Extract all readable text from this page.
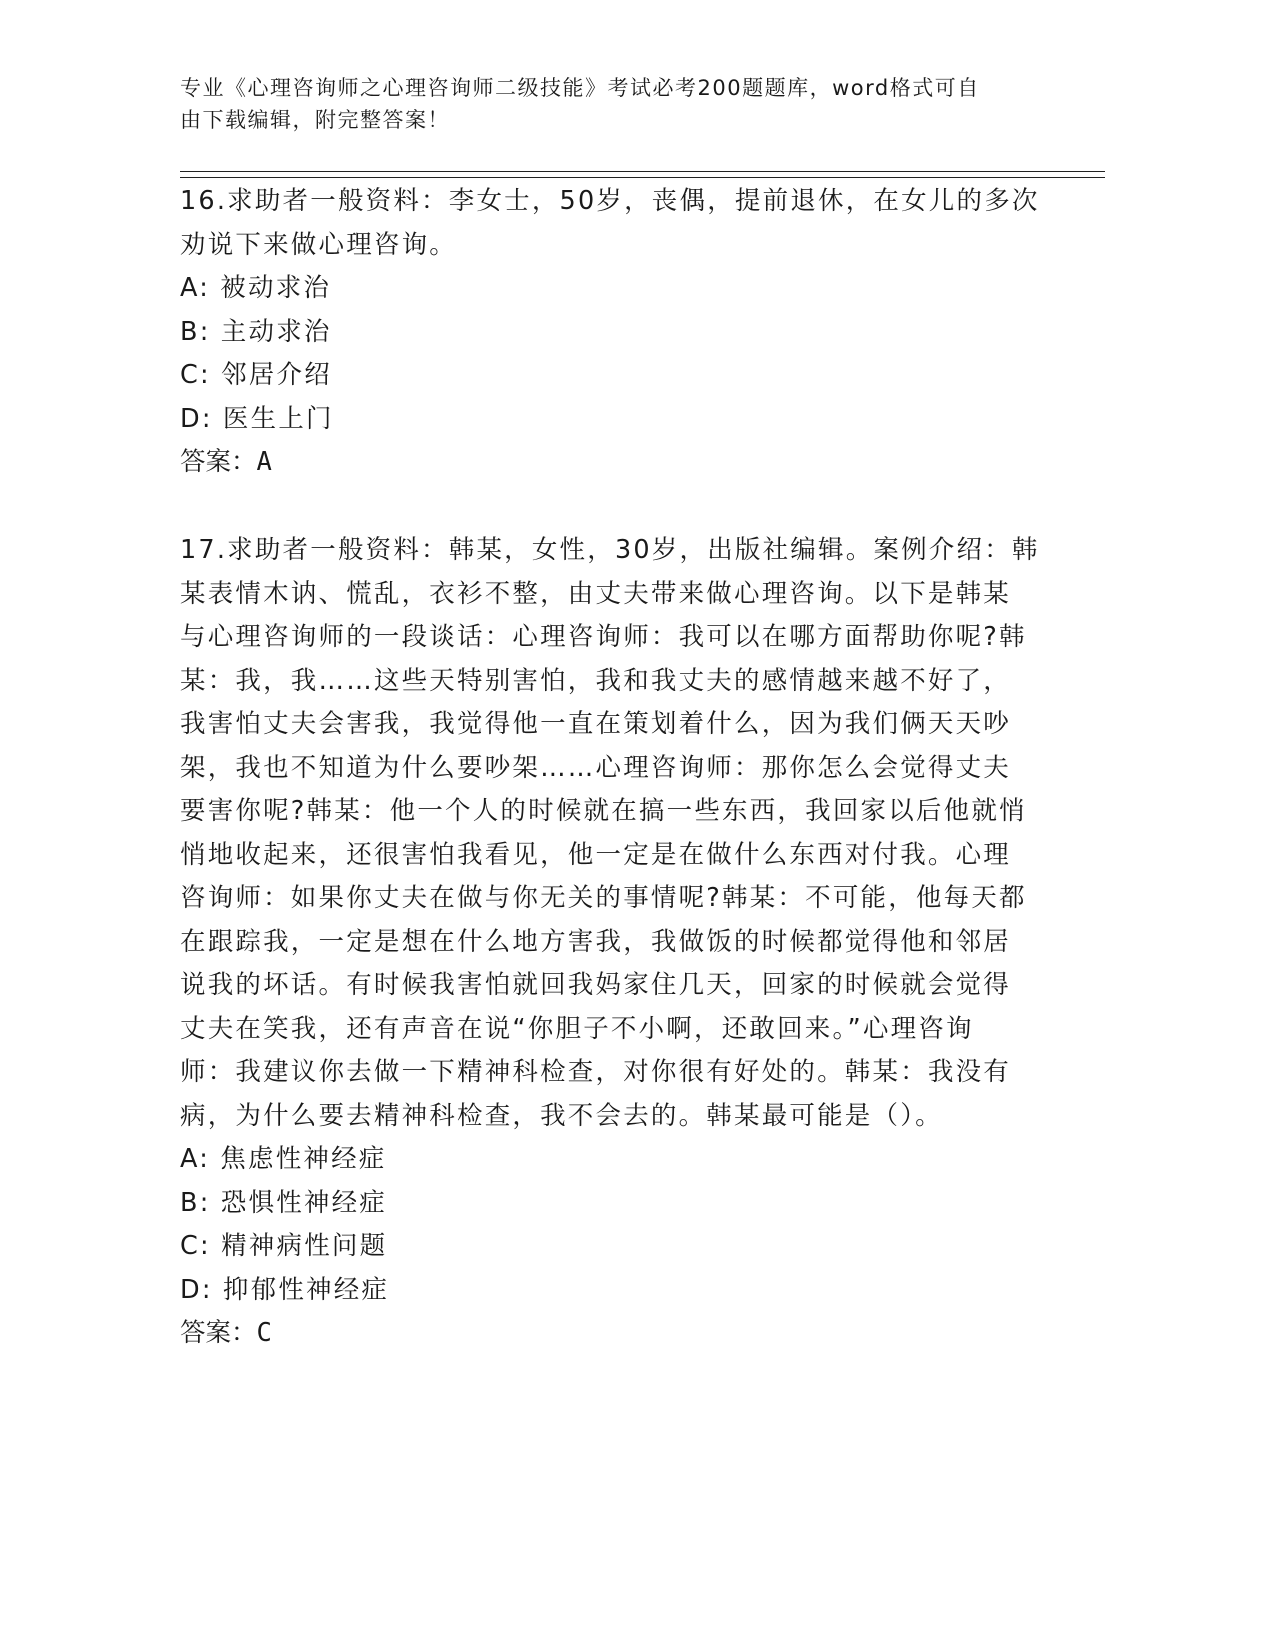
专业《心理咨询师之心理咨询师二级技能》考试必考200题题库，word格式可自
由下载编辑，附完整答案！

16.求助者一般资料：李女士，50岁，丧偶，提前退休，在女儿的多次

劝说下来做心理咨询。

A: 被动求治

B: 主动求治

C: 邻居介绍

D: 医生上门

答案：A

17.求助者一般资料：韩某，女性，30岁，出版社编辑。案例介绍：韩

某表情木讷、慌乱，衣衫不整，由丈夫带来做心理咨询。以下是韩某

与心理咨询师的一段谈话：心理咨询师：我可以在哪方面帮助你呢?韩

某：我，我……这些天特别害怕，我和我丈夫的感情越来越不好了，

我害怕丈夫会害我，我觉得他一直在策划着什么，因为我们俩天天吵

架，我也不知道为什么要吵架……心理咨询师：那你怎么会觉得丈夫

要害你呢?韩某：他一个人的时候就在搞一些东西，我回家以后他就悄

悄地收起来，还很害怕我看见，他一定是在做什么东西对付我。心理

咨询师：如果你丈夫在做与你无关的事情呢?韩某：不可能，他每天都

在跟踪我，一定是想在什么地方害我，我做饭的时候都觉得他和邻居

说我的坏话。有时候我害怕就回我妈家住几天，回家的时候就会觉得

丈夫在笑我，还有声音在说“你胆子不小啊，还敢回来。”心理咨询

师：我建议你去做一下精神科检查，对你很有好处的。韩某：我没有

病，为什么要去精神科检查，我不会去的。韩某最可能是（）。

A: 焦虑性神经症

B: 恐惧性神经症

C: 精神病性问题

D: 抑郁性神经症

答案：C
